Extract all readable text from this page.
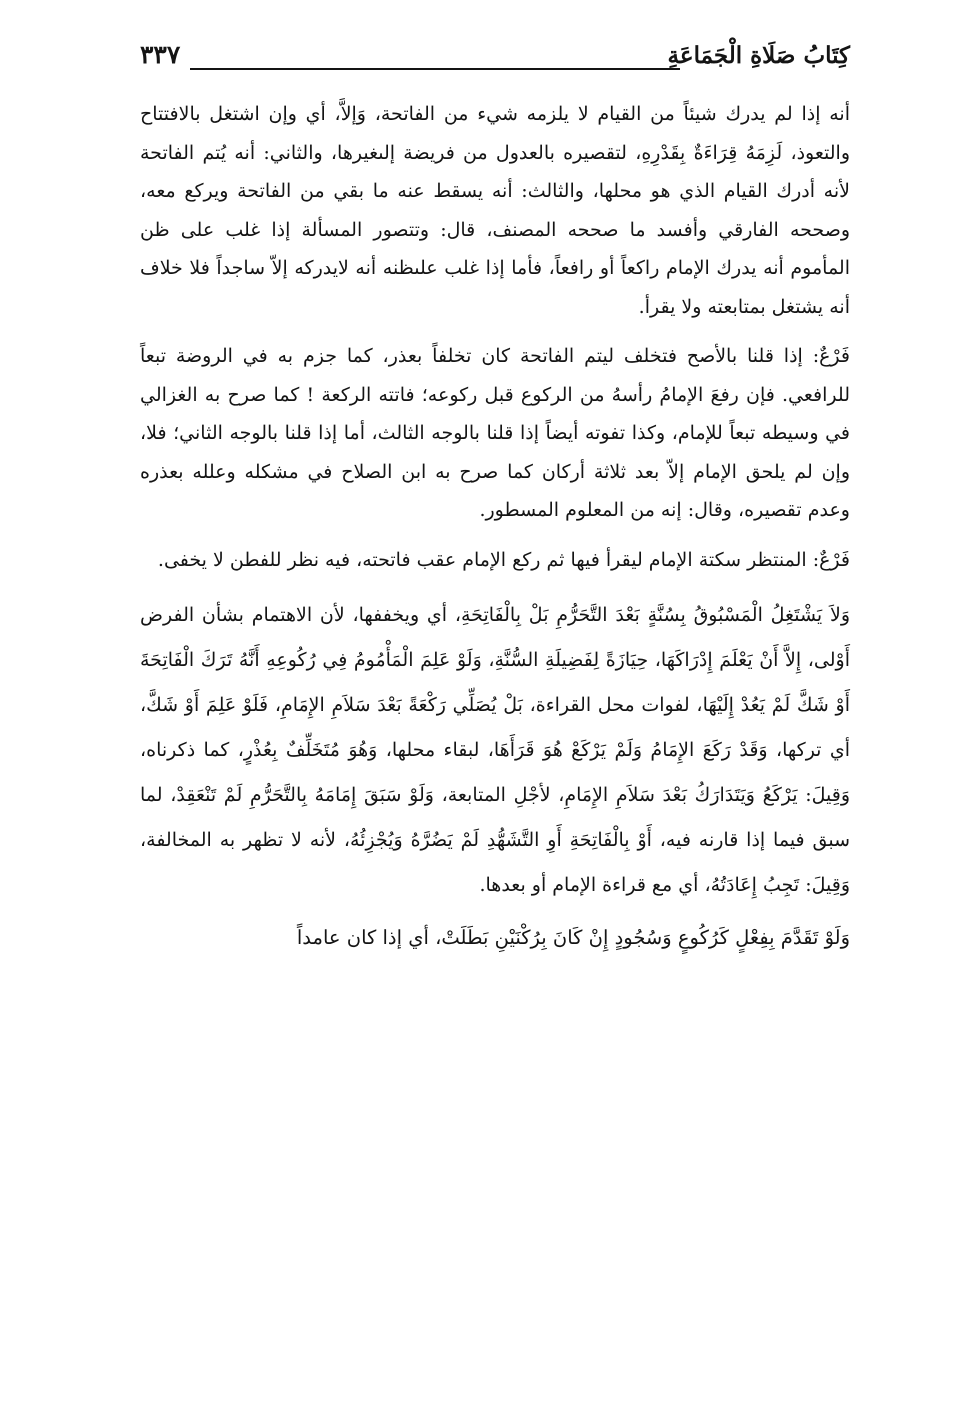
كِتَابُ صَلَاةِ الْجَمَاعَةِ
٣٣٧

أنه إذا لم يدرك شيئاً من القيام لا يلزمه شيء من الفاتحة، وَإلاَّ، أي وإن اشتغل بالافتتاح والتعوذ، لَزِمَهُ قِرَاءَةٌ بِقَدْرِهِ، لتقصيره بالعدول من فريضة إلىغيرها، والثاني: أنه يُتم الفاتحة لأنه أدرك القيام الذي هو محلها، والثالث: أنه يسقط عنه ما بقي من الفاتحة ويركع معه، وصححه الفارقي وأفسد ما صححه المصنف، قال: وتتصور المسألة إذا غلب على ظن المأموم أنه يدرك الإمام راكعاً أو رافعاً، فأما إذا غلب علىظنه أنه لايدركه إلاّ ساجداً فلا خلاف أنه يشتغل بمتابعته ولا يقرأ.

فَرْعٌ: إذا قلنا بالأصح فتخلف ليتم الفاتحة كان تخلفاً بعذر، كما جزم به في الروضة تبعاً للرافعي. فإن رفعَ الإمامُ رأسهُ من الركوع قبل ركوعه؛ فاتته الركعة ! كما صرح به الغزالي في وسيطه تبعاً للإمام، وكذا تفوته أيضاً إذا قلنا بالوجه الثالث، أما إذا قلنا بالوجه الثاني؛ فلا، وإن لم يلحق الإمام إلاّ بعد ثلاثة أركان كما صرح به ابن الصلاح في مشكله وعلله بعذره وعدم تقصيره، وقال: إنه من المعلوم المسطور.

فَرْعٌ: المنتظر سكتة الإمام ليقرأ فيها ثم ركع الإمام عقب فاتحته، فيه نظر للفطن لا يخفى.

وَلاَ يَشْتَغِلُ الْمَسْبُوقُ بِسُنَّةٍ بَعْدَ التَّحَرُّمِ بَلْ بِالْفَاتِحَةِ، أي ويخففها، لأن الاهتمام بشأن الفرض أَوْلى، إِلاَّ أَنْ يَعْلَمَ إِدْرَاكَهَا، حِيَازَةً لِفَضِيلَةِ السُّنَّةِ، وَلَوْ عَلِمَ الْمَأْمُومُ فِي رُكُوعِهِ أَنَّهُ تَرَكَ الْفَاتِحَةَ أَوْ شَكَّ لَمْ يَعُدْ إِلَيْهَا، لفوات محل القراءة، بَلْ يُصَلِّي رَكْعَةً بَعْدَ سَلاَمِ الإِمَامِ، فَلَوْ عَلِمَ أَوْ شَكَّ، أي تركها، وَقَدْ رَكَعَ الإِمَامُ وَلَمْ يَرْكَعْ هُوَ قَرَأَهَا، لبقاء محلها، وَهُوَ مُتَخَلِّفٌ بِعُذْرٍ، كما ذكرناه، وَقِيلَ: يَرْكَعُ وَيَتَدَارَكُ بَعْدَ سَلاَمِ الإِمَامِ، لأجْلِ المتابعة، وَلَوْ سَبَقَ إِمَامَهُ بِالتَّحَرُّمِ لَمْ تَنْعَقِدْ، لما سبق فيما إذا قارنه فيه، أَوْ بِالْفَاتِحَةِ أَوِ التَّشَهُّدِ لَمْ يَضُرَّهُ وَيُجْزِئُهُ، لأنه لا تظهر به المخالفة، وَقِيلَ: تَجِبُ إِعَادَتُهُ، أي مع قراءة الإمام أو بعدها.

وَلَوْ تَقَدَّمَ بِفِعْلٍ كَرُكُوعٍ وَسُجُودٍ إِنْ كَانَ بِرُكْنَيْنِ بَطَلَتْ، أي إذا كان عامداً
